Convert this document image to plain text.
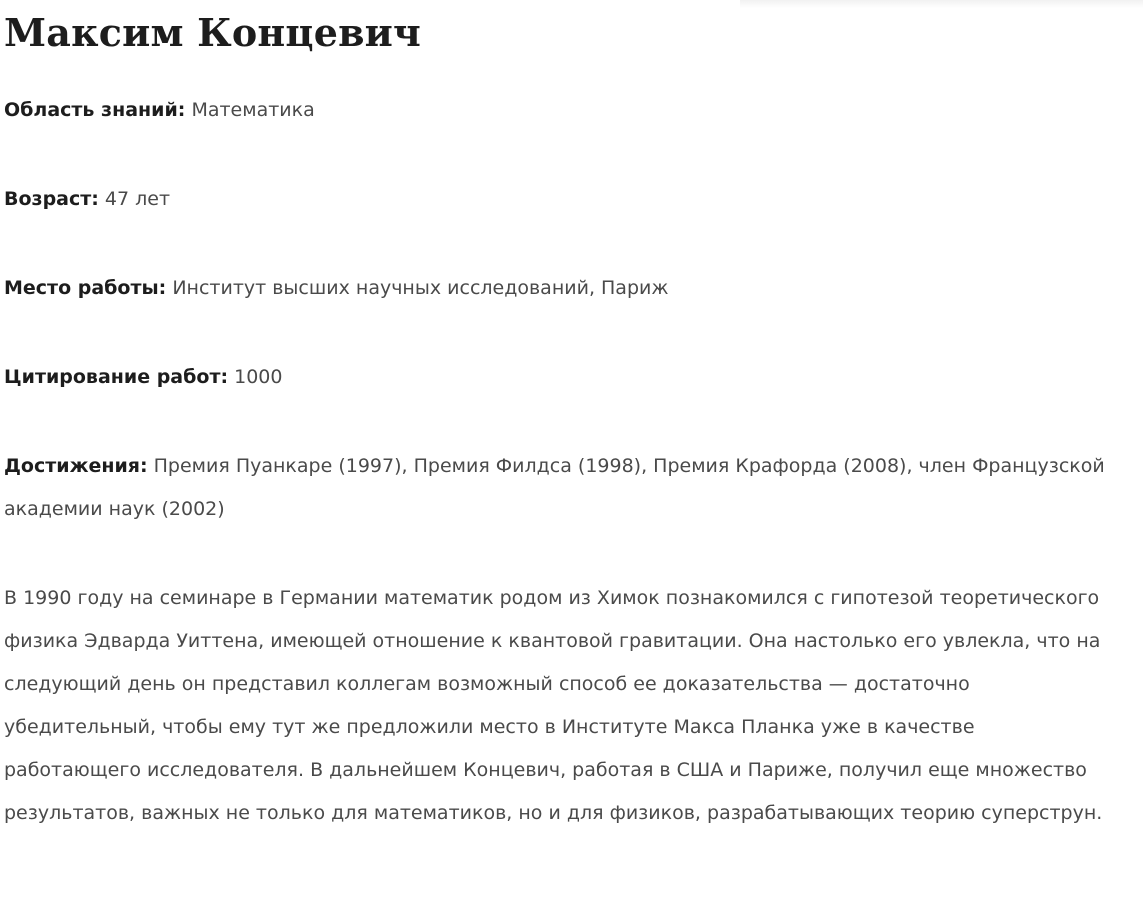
Максим Концевич

Область знаний: Математика

Возраст: 47 лет

Место работы: Институт высших научных исследований, Париж

Цитирование работ: 1000

Достижения: Премия Пуанкаре (1997), Премия Филдса (1998), Премия Крафорда (2008), член Французской академии наук (2002)

В 1990 году на семинаре в Германии математик родом из Химок познакомился с гипотезой теоретического физика Эдварда Уиттена, имеющей отношение к квантовой гравитации. Она настолько его увлекла, что на следующий день он представил коллегам возможный способ ее доказательства — достаточно убедительный, чтобы ему тут же предложили место в Институте Макса Планка уже в качестве работающего исследователя. В дальнейшем Концевич, работая в США и Париже, получил еще множество результатов, важных не только для математиков, но и для физиков, разрабатывающих теорию суперструн.
